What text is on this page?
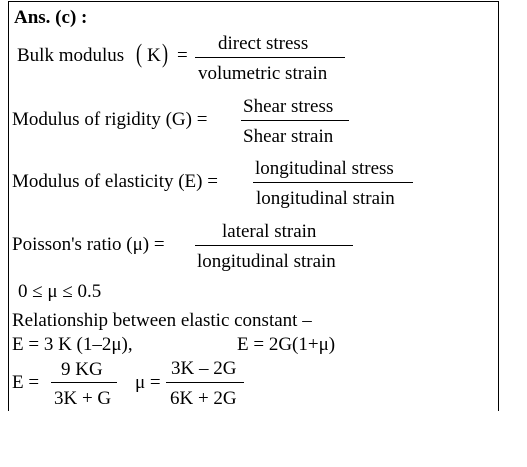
Ans. (c) :
Bulk modulus ( K ) =
direct stress
volumetric strain
Modulus of rigidity (G) =
Shear stress
Shear strain
Modulus of elasticity (E) =
longitudinal stress
longitudinal strain
Poisson's ratio (μ) =
lateral strain
longitudinal strain
0 ≤ μ ≤ 0.5
Relationship between elastic constant –
E = 3 K (1–2μ),	E = 2G(1+μ)
E =
9 KG
3K + G
μ =
3K – 2G
6K + 2G
